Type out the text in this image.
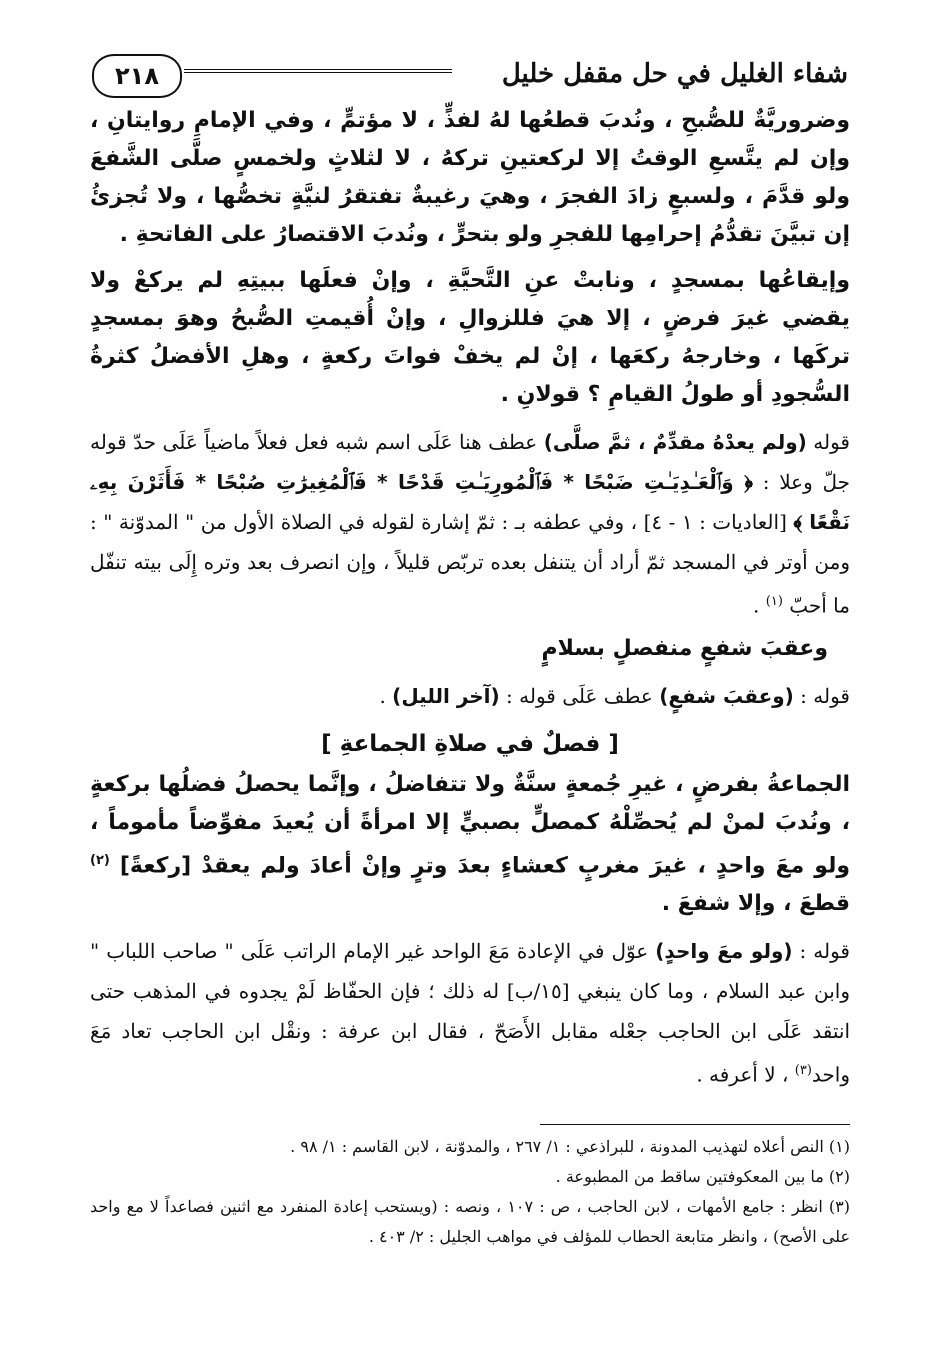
٢١٨	شفاء الغليل في حل مقفل خليل

وضروريَّةٌ للصُّبحِ ، ونُدبَ قطعُها لهُ لفذٍّ ، لا مؤتمٍّ ، وفي الإمامِ روايتانِ ، وإن لم يتَّسعِ الوقتُ إلا لركعتينِ تركهُ ، لا لثلاثٍ ولخمسٍ صلَّى الشَّفعَ ولو قدَّمَ ، ولسبعٍ زادَ الفجرَ ، وهيَ رغيبةٌ تفتقرُ لنيَّةٍ تخصُّها ، ولا تُجزئُ إن تبيَّنَ تقدُّمُ إحرامِها للفجرِ ولو بتحرٍّ ، ونُدبَ الاقتصارُ على الفاتحةِ .

وإيقاعُها بمسجدٍ ، ونابتْ عنِ التَّحيَّةِ ، وإنْ فعلَها ببيتِهِ لم يركعْ ولا يقضي غيرَ فرضٍ ، إلا هيَ فللزوالِ ، وإنْ أُقيمتِ الصُّبحُ وهوَ بمسجدٍ تركَها ، وخارجهُ ركعَها ، إنْ لم يخفْ فواتَ ركعةٍ ، وهلِ الأفضلُ كثرةُ السُّجودِ أو طولُ القيامِ ؟ قولانِ .

قوله (ولم يعدْهُ مقدِّمٌ ، ثمَّ صلَّى) عطف هنا عَلَى اسم شبه فعل فعلاً ماضياً عَلَى حدّ قوله جلّ وعلا : ﴿ وَٱلْعَـٰدِيَـٰتِ ضَبْحًا * فَٱلْمُورِيَـٰتِ قَدْحًا * فَٱلْمُغِيرَٰتِ صُبْحًا * فَأَثَرْنَ بِهِۦ نَقْعًا ﴾ [العاديات : ١ - ٤] ، وفي عطفه بـ : ثمّ إشارة لقوله في الصلاة الأول من " المدوّنة " : ومن أوتر في المسجد ثمّ أراد أن يتنفل بعده تربّص قليلاً ، وإن انصرف بعد وتره إِلَى بيته تنفّل ما أحبّ $^{(١)}$ .

وعقبَ شفعٍ منفصلٍ بسلامٍ

قوله : (وعقبَ شفعٍ) عطف عَلَى قوله : (آخر الليل) .

[ فصلٌ في صلاةِ الجماعةِ ]

الجماعةُ بفرضٍ ، غيرِ جُمعةٍ سنَّةٌ ولا تتفاضلُ ، وإنَّما يحصلُ فضلُها بركعةٍ ، ونُدبَ لمنْ لم يُحصِّلْهُ كمصلٍّ بصبيٍّ إلا امرأةً أن يُعيدَ مفوِّضاً مأموماً ، ولو معَ واحدٍ ، غيرَ مغربٍ كعشاءٍ بعدَ وترٍ وإنْ أعادَ ولم يعقدْ [ركعةً] $^{(٢)}$ قطعَ ، وإلا شفعَ .

قوله : (ولو معَ واحدٍ) عوّل في الإعادة مَعَ الواحد غير الإمام الراتب عَلَى " صاحب اللباب " وابن عبد السلام ، وما كان ينبغي [١٥/ب] له ذلك ؛ فإن الحفّاظ لَمْ يجدوه في المذهب حتى انتقد عَلَى ابن الحاجب جعْله مقابل الأَصَحّ ، فقال ابن عرفة : ونقْل ابن الحاجب تعاد مَعَ واحد$^{(٣)}$ ، لا أعرفه .

(١) النص أعلاه لتهذيب المدونة ، للبراذعي : ١/ ٢٦٧ ، والمدوّنة ، لابن القاسم : ١/ ٩٨ .

(٢) ما بين المعكوفتين ساقط من المطبوعة .

(٣) انظر : جامع الأمهات ، لابن الحاجب ، ص : ١٠٧ ، ونصه : (ويستحب إعادة المنفرد مع اثنين فصاعداً لا مع واحد على الأصح) ، وانظر متابعة الحطاب للمؤلف في مواهب الجليل : ٢/ ٤٠٣ .
